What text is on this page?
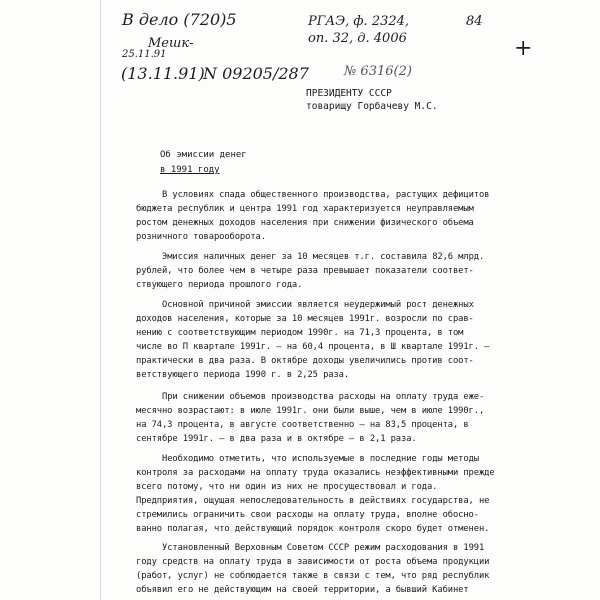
В дело (720)5
Мешк-
25.11.91
(13.11.91)
N 09205/287
РГАЭ, ф. 2324,
оп. 32, д. 4006
84
+
№ 6316(2)
ПРЕЗИДЕНТУ СССР
товарищу Горбачеву М.С.
Об эмиссии денег
в 1991 году
В условиях спада общественного производства, растущих дефицитов
бюджета республик и центра 1991 год характеризуется неуправляемым
ростом денежных доходов населения при снижении физического объема
розничного товарооборота.
Эмиссия наличных денег за 10 месяцев т.г. составила 82,6 млрд.
рублей, что более чем в четыре раза превышает показатели соответ-
ствующего периода прошлого года.
Основной причиной эмиссии является неудержимый рост денежных
доходов населения, которые за 10 месяцев 1991г. возросли по срав-
нению с соответствующим периодом 1990г. на 71,3 процента, в том
числе во П квартале 1991г. – на 60,4 процента, в Ш квартале 1991г. –
практически в два раза. В октябре доходы увеличились против соот-
ветствующего периода 1990 г. в 2,25 раза.
При снижении объемов производства расходы на оплату труда еже-
месячно возрастают: в июле 1991г. они были выше, чем в июле 1990г.,
на 74,3 процента, в августе соответственно – на 83,5 процента, в
сентябре 1991г. – в два раза и в октябре – в 2,1 раза.
Необходимо отметить, что используемые в последние годы методы
контроля за расходами на оплату труда оказались неэффективными прежде
всего потому, что ни один из них не просуществовал и года.
Предприятия, ощущая непоследовательность в действиях государства, не
стремились ограничить свои расходы на оплату труда, вполне обосно-
ванно полагая, что действующий порядок контроля скоро будет отменен.
Установленный Верховным Советом СССР режим расходования в 1991
году средств на оплату труда в зависимости от роста объема продукции
(работ, услуг) не соблюдается также в связи с тем, что ряд республик
объявил его не действующим на своей территории, а бывший Кабинет
